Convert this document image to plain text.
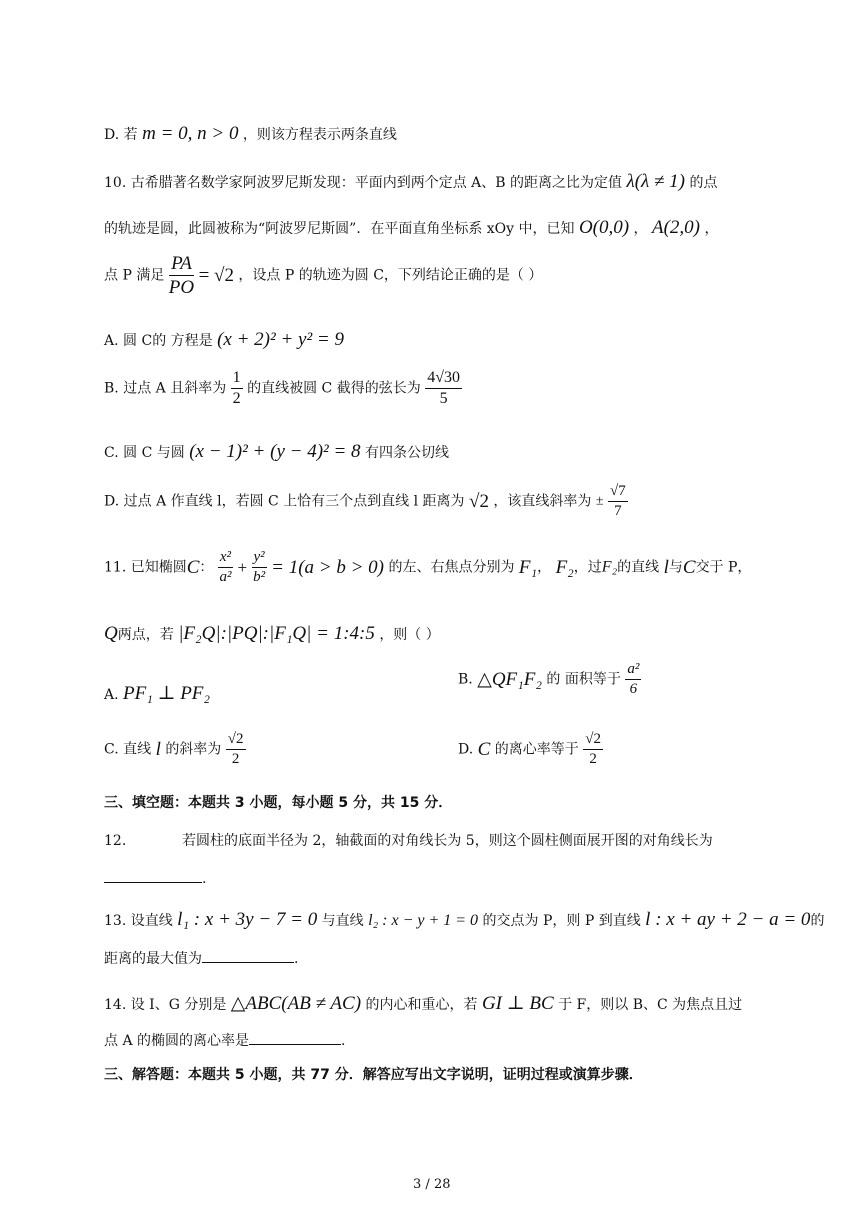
D. 若 m = 0, n > 0 ，则该方程表示两条直线
10. 古希腊著名数学家阿波罗尼斯发现：平面内到两个定点 A、B 的距离之比为定值 λ(λ ≠ 1) 的点
的轨迹是圆，此圆被称为“阿波罗尼斯圆”．在平面直角坐标系 xOy 中，已知 O(0,0) ， A(2,0) ，
点 P 满足 $\frac{PA}{PO} = √2$ ，设点 P 的轨迹为圆 C，下列结论正确的是（ ）
A. 圆 C的 方程是 (x + 2)² + y² = 9
B. 过点 A 且斜率为 $\frac{1}{2}$ 的直线被圆 C 截得的弦长为 $\frac{4√30}{5}$
C. 圆 C 与圆 (x − 1)² + (y − 4)² = 8 有四条公切线
D. 过点 A 作直线 l，若圆 C 上恰有三个点到直线 l 距离为 √2 ，该直线斜率为 ± $\frac{√7}{7}$
11. 已知椭圆C： $\frac{\text{x²}}{\text{a²}} + \frac{\text{y²}}{\text{b²}} = 1(a > b > 0)$ 的左、右焦点分别为 F₁， F₂，过F₂的直线 l与C交于 P，
Q两点，若 |F₂Q|:|PQ|:|F₁Q| = 1:4:5 ，则（ ）
A. PF₁ ⊥ PF₂
B. △QF₁F₂ 的 面积等于 $\frac{\text{a²}}{6}$
C. 直线 l 的斜率为 $\frac{√2}{2}$	D. C 的离心率等于 $\frac{√2}{2}$
三、填空题：本题共 3 小题，每小题 5 分，共 15 分．
12.	若圆柱的底面半径为 2，轴截面的对角线长为 5，则这个圆柱侧面展开图的对角线长为
.
13. 设直线 l₁ : x + 3y − 7 = 0 与直线 l₂ : x − y + 1 = 0 的交点为 P，则 P 到直线 l : x + ay + 2 − a = 0的
距离的最大值为	.
14. 设 I、G 分别是 △ABC(AB ≠ AC) 的内心和重心，若 GI ⊥ BC 于 F，则以 B、C 为焦点且过
点 A 的椭圆的离心率是	.
三、解答题：本题共 5 小题，共 77 分．解答应写出文字说明，证明过程或演算步骤．
3 / 28
